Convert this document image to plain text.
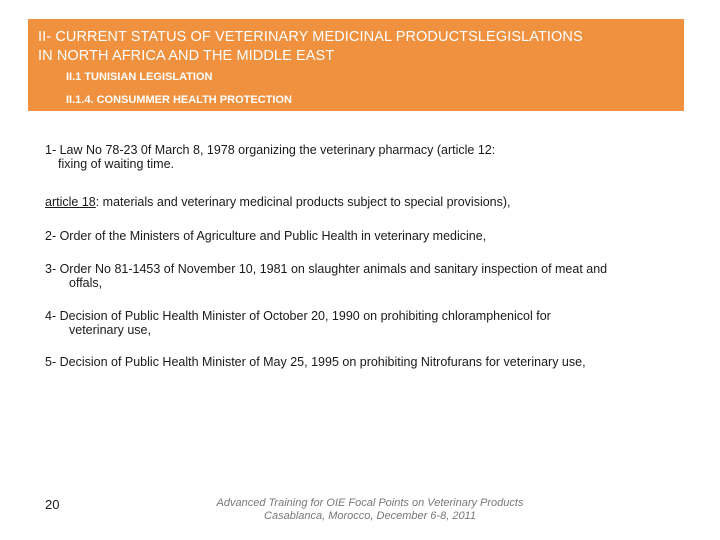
II- CURRENT STATUS OF VETERINARY MEDICINAL PRODUCTSLEGISLATIONS
IN NORTH AFRICA AND THE MIDDLE EAST
II.1 TUNISIAN LEGISLATION
II.1.4. CONSUMMER HEALTH PROTECTION
1- Law No 78-23 0f March 8, 1978 organizing the veterinary pharmacy (article 12:
fixing of waiting time.
article 18: materials and veterinary medicinal products subject to special provisions),
2- Order of the Ministers of Agriculture and Public Health in veterinary medicine,
3- Order No 81-1453 of November 10, 1981 on slaughter animals and sanitary inspection of meat and
offals,
4- Decision of Public Health Minister of October 20, 1990 on prohibiting chloramphenicol for
veterinary use,
5- Decision of Public Health Minister of May 25, 1995 on prohibiting Nitrofurans for veterinary use,
20	Advanced Training for OIE Focal Points on Veterinary Products
Casablanca, Morocco, December 6-8, 2011
